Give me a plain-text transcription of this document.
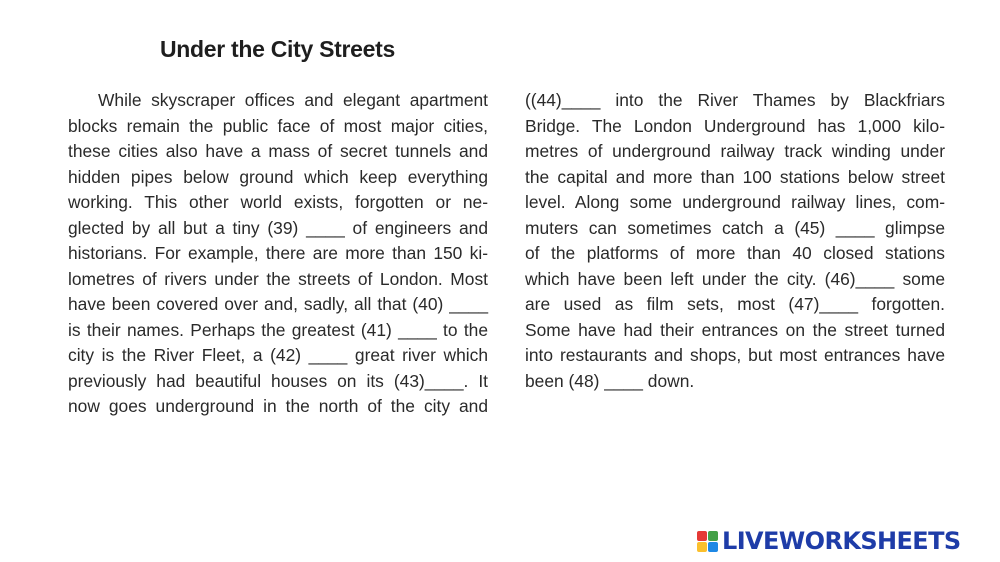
Under the City Streets
While skyscraper offices and elegant apartment
blocks remain the public face of most major cities,
these cities also have a mass of secret tunnels and
hidden pipes below ground which keep everything
working. This other world exists, forgotten or ne-
glected by all but a tiny (39) ____ of engineers and
historians. For example, there are more than 150 ki-
lometres of rivers under the streets of London. Most
have been covered over and, sadly, all that (40) ____
is their names. Perhaps the greatest (41) ____ to the
city is the River Fleet, a (42) ____ great river which
previously had beautiful houses on its (43)____. It
now goes underground in the north of the city and
((44)____ into the River Thames by Blackfriars
Bridge. The London Underground has 1,000 kilo-
metres of underground railway track winding under
the capital and more than 100 stations below street
level. Along some underground railway lines, com-
muters can sometimes catch a (45) ____ glimpse
of the platforms of more than 40 closed stations
which have been left under the city. (46)____ some
are used as film sets, most (47)____ forgotten.
Some have had their entrances on the street turned
into restaurants and shops, but most entrances have
been (48) ____ down.
LIVEWORKSHEETS
